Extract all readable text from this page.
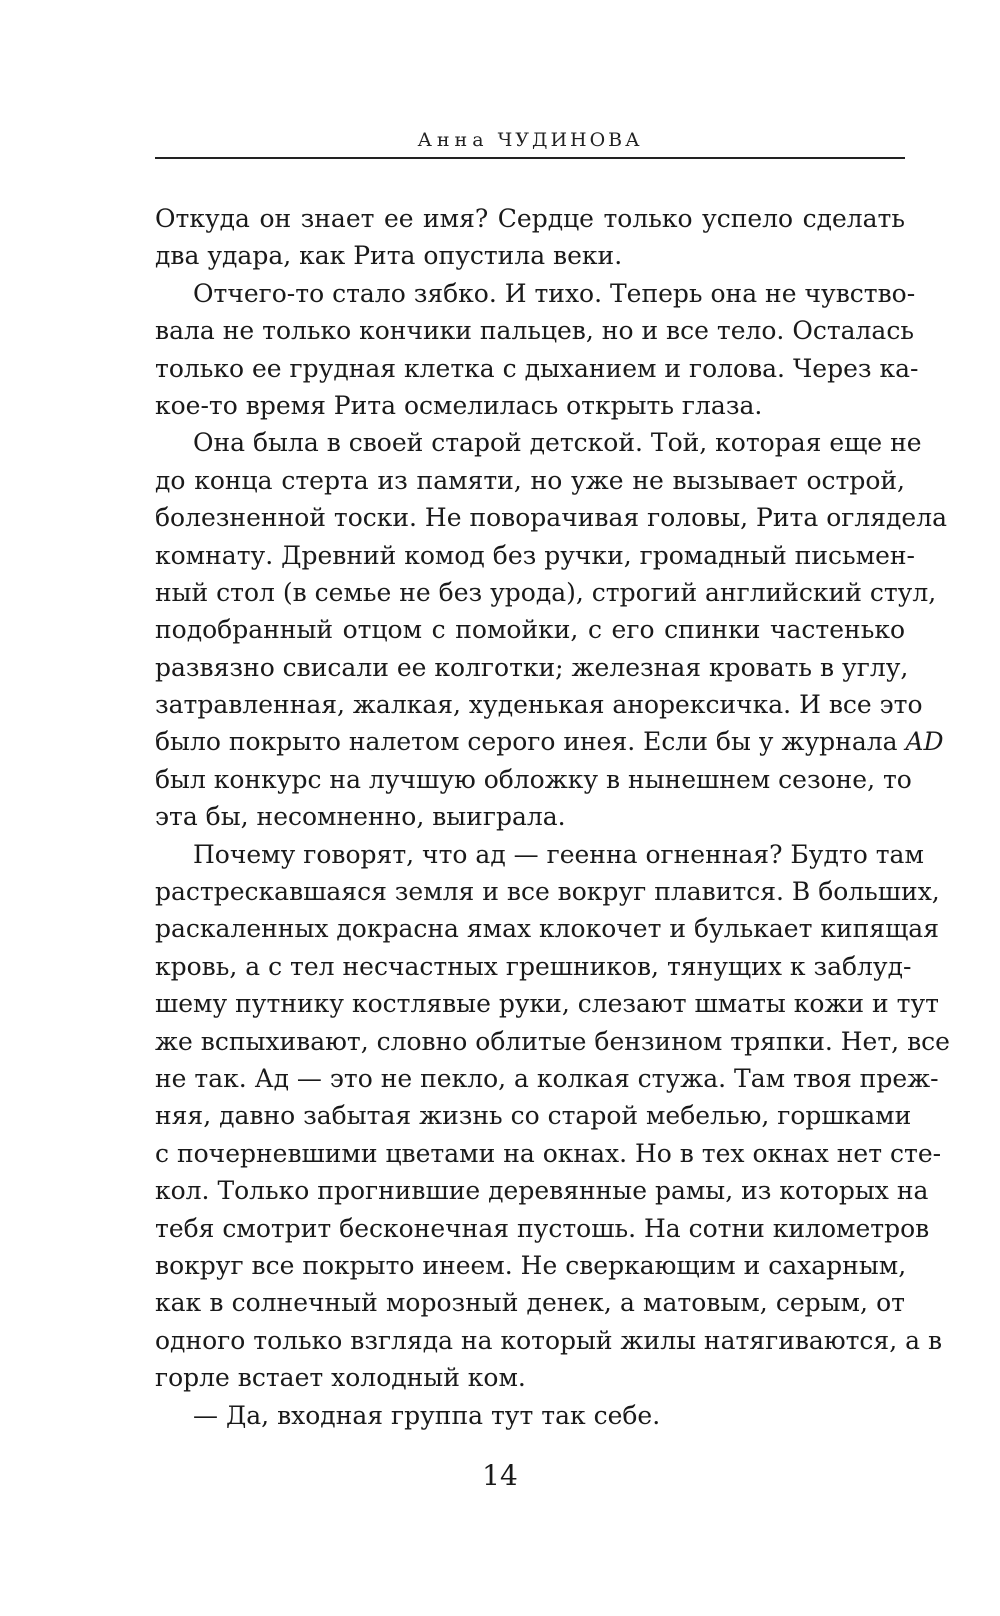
Анна ЧУДИНОВА
Откуда он знает ее имя? Сердце только успело сделать
два удара, как Рита опустила веки.
Отчего-то стало зябко. И тихо. Теперь она не чувство-
вала не только кончики пальцев, но и все тело. Осталась
только ее грудная клетка с дыханием и голова. Через ка-
кое-то время Рита осмелилась открыть глаза.
Она была в своей старой детской. Той, которая еще не
до конца стерта из памяти, но уже не вызывает острой,
болезненной тоски. Не поворачивая головы, Рита оглядела
комнату. Древний комод без ручки, громадный письмен-
ный стол (в семье не без урода), строгий английский стул,
подобранный отцом с помойки, с его спинки частенько
развязно свисали ее колготки; железная кровать в углу,
затравленная, жалкая, худенькая анорексичка. И все это
было покрыто налетом серого инея. Если бы у журнала AD
был конкурс на лучшую обложку в нынешнем сезоне, то
эта бы, несомненно, выиграла.
Почему говорят, что ад — геенна огненная? Будто там
растрескавшаяся земля и все вокруг плавится. В больших,
раскаленных докрасна ямах клокочет и булькает кипящая
кровь, а с тел несчастных грешников, тянущих к заблуд-
шему путнику костлявые руки, слезают шматы кожи и тут
же вспыхивают, словно облитые бензином тряпки. Нет, все
не так. Ад — это не пекло, а колкая стужа. Там твоя преж-
няя, давно забытая жизнь со старой мебелью, горшками
с почерневшими цветами на окнах. Но в тех окнах нет сте-
кол. Только прогнившие деревянные рамы, из которых на
тебя смотрит бесконечная пустошь. На сотни километров
вокруг все покрыто инеем. Не сверкающим и сахарным,
как в солнечный морозный денек, а матовым, серым, от
одного только взгляда на который жилы натягиваются, а в
горле встает холодный ком.
— Да, входная группа тут так себе.
14
